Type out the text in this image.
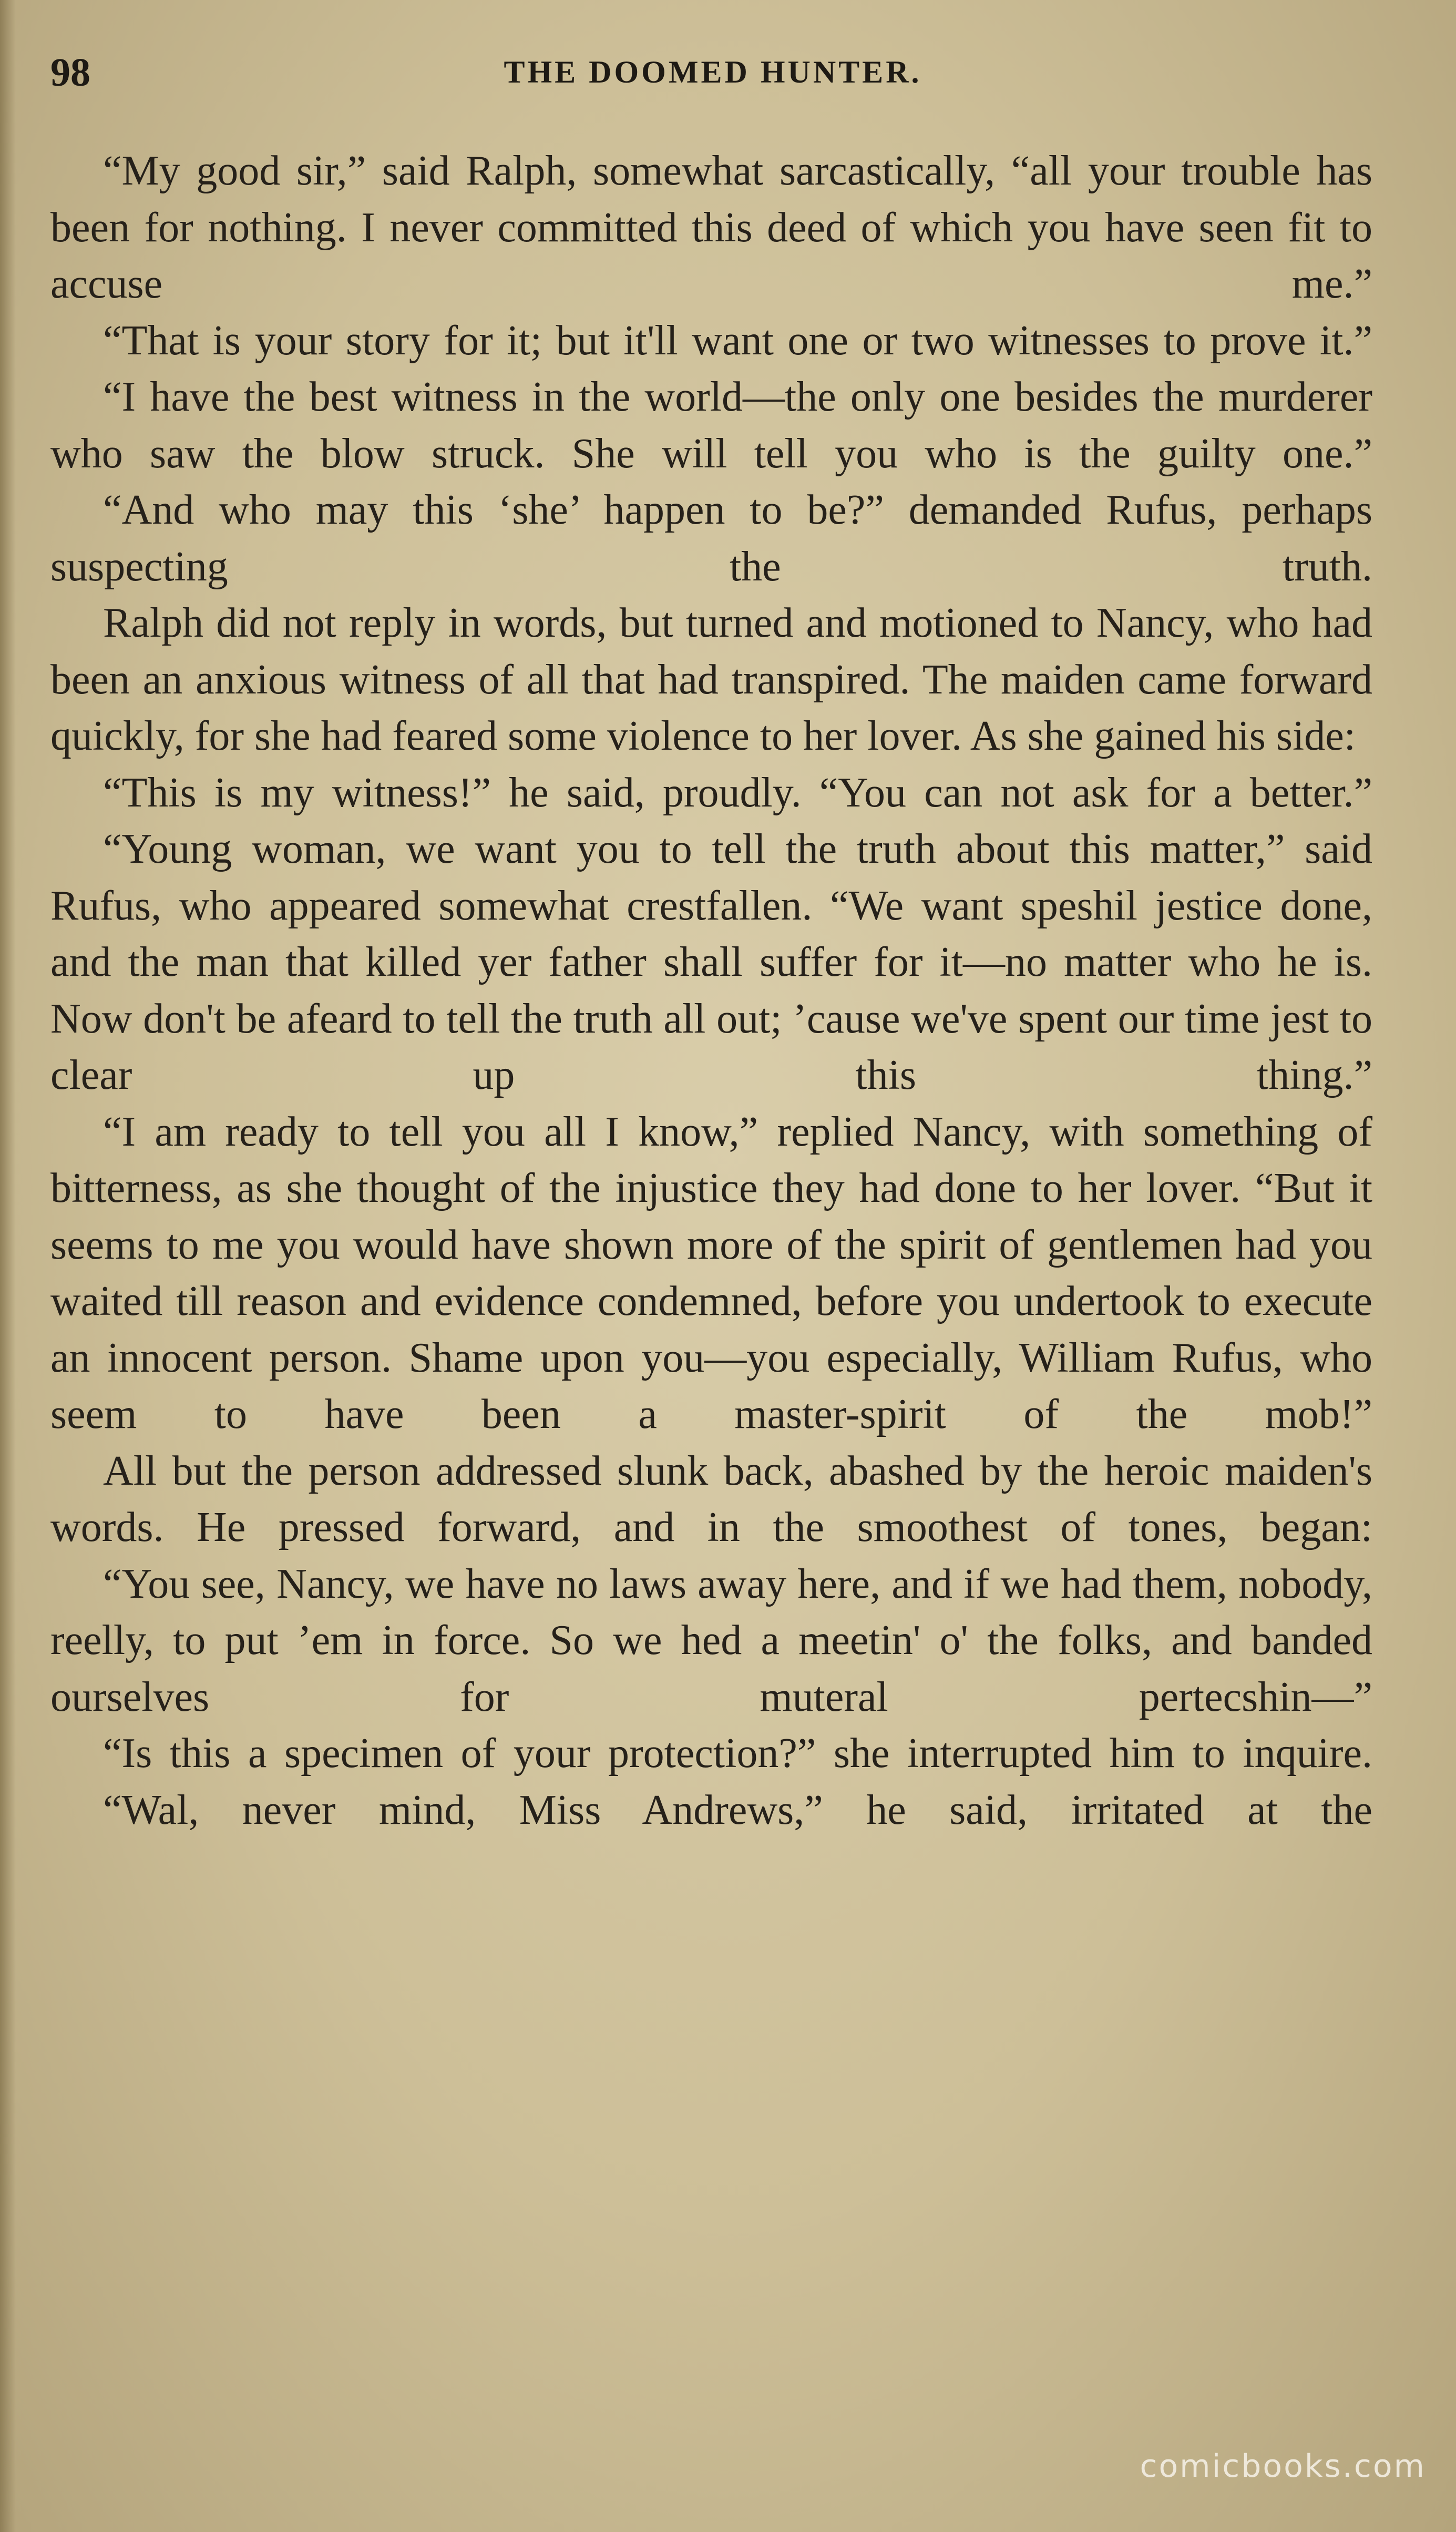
98	THE DOOMED HUNTER.

“My good sir,” said Ralph, somewhat sarcastically, “all your trouble has been for nothing. I never committed this deed of which you have seen fit to accuse me.”

“That is your story for it; but it'll want one or two witnesses to prove it.”

“I have the best witness in the world—the only one besides the murderer who saw the blow struck. She will tell you who is the guilty one.”

“And who may this ‘she’ happen to be?” demanded Rufus, perhaps suspecting the truth.

Ralph did not reply in words, but turned and motioned to Nancy, who had been an anxious witness of all that had transpired. The maiden came forward quickly, for she had feared some violence to her lover. As she gained his side:

“This is my witness!” he said, proudly. “You can not ask for a better.”

“Young woman, we want you to tell the truth about this matter,” said Rufus, who appeared somewhat crestfallen. “We want speshil jestice done, and the man that killed yer father shall suffer for it—no matter who he is. Now don't be afeard to tell the truth all out; ’cause we've spent our time jest to clear up this thing.”

“I am ready to tell you all I know,” replied Nancy, with something of bitterness, as she thought of the injustice they had done to her lover. “But it seems to me you would have shown more of the spirit of gentlemen had you waited till reason and evidence condemned, before you undertook to execute an innocent person. Shame upon you—you especially, William Rufus, who seem to have been a master-spirit of the mob!”

All but the person addressed slunk back, abashed by the heroic maiden's words. He pressed forward, and in the smoothest of tones, began:

“You see, Nancy, we have no laws away here, and if we had them, nobody, reelly, to put ’em in force. So we hed a meetin' o' the folks, and banded ourselves for muteral pertecshin—”

“Is this a specimen of your protection?” she interrupted him to inquire.

“Wal, never mind, Miss Andrews,” he said, irritated at the

comicbooks.com
